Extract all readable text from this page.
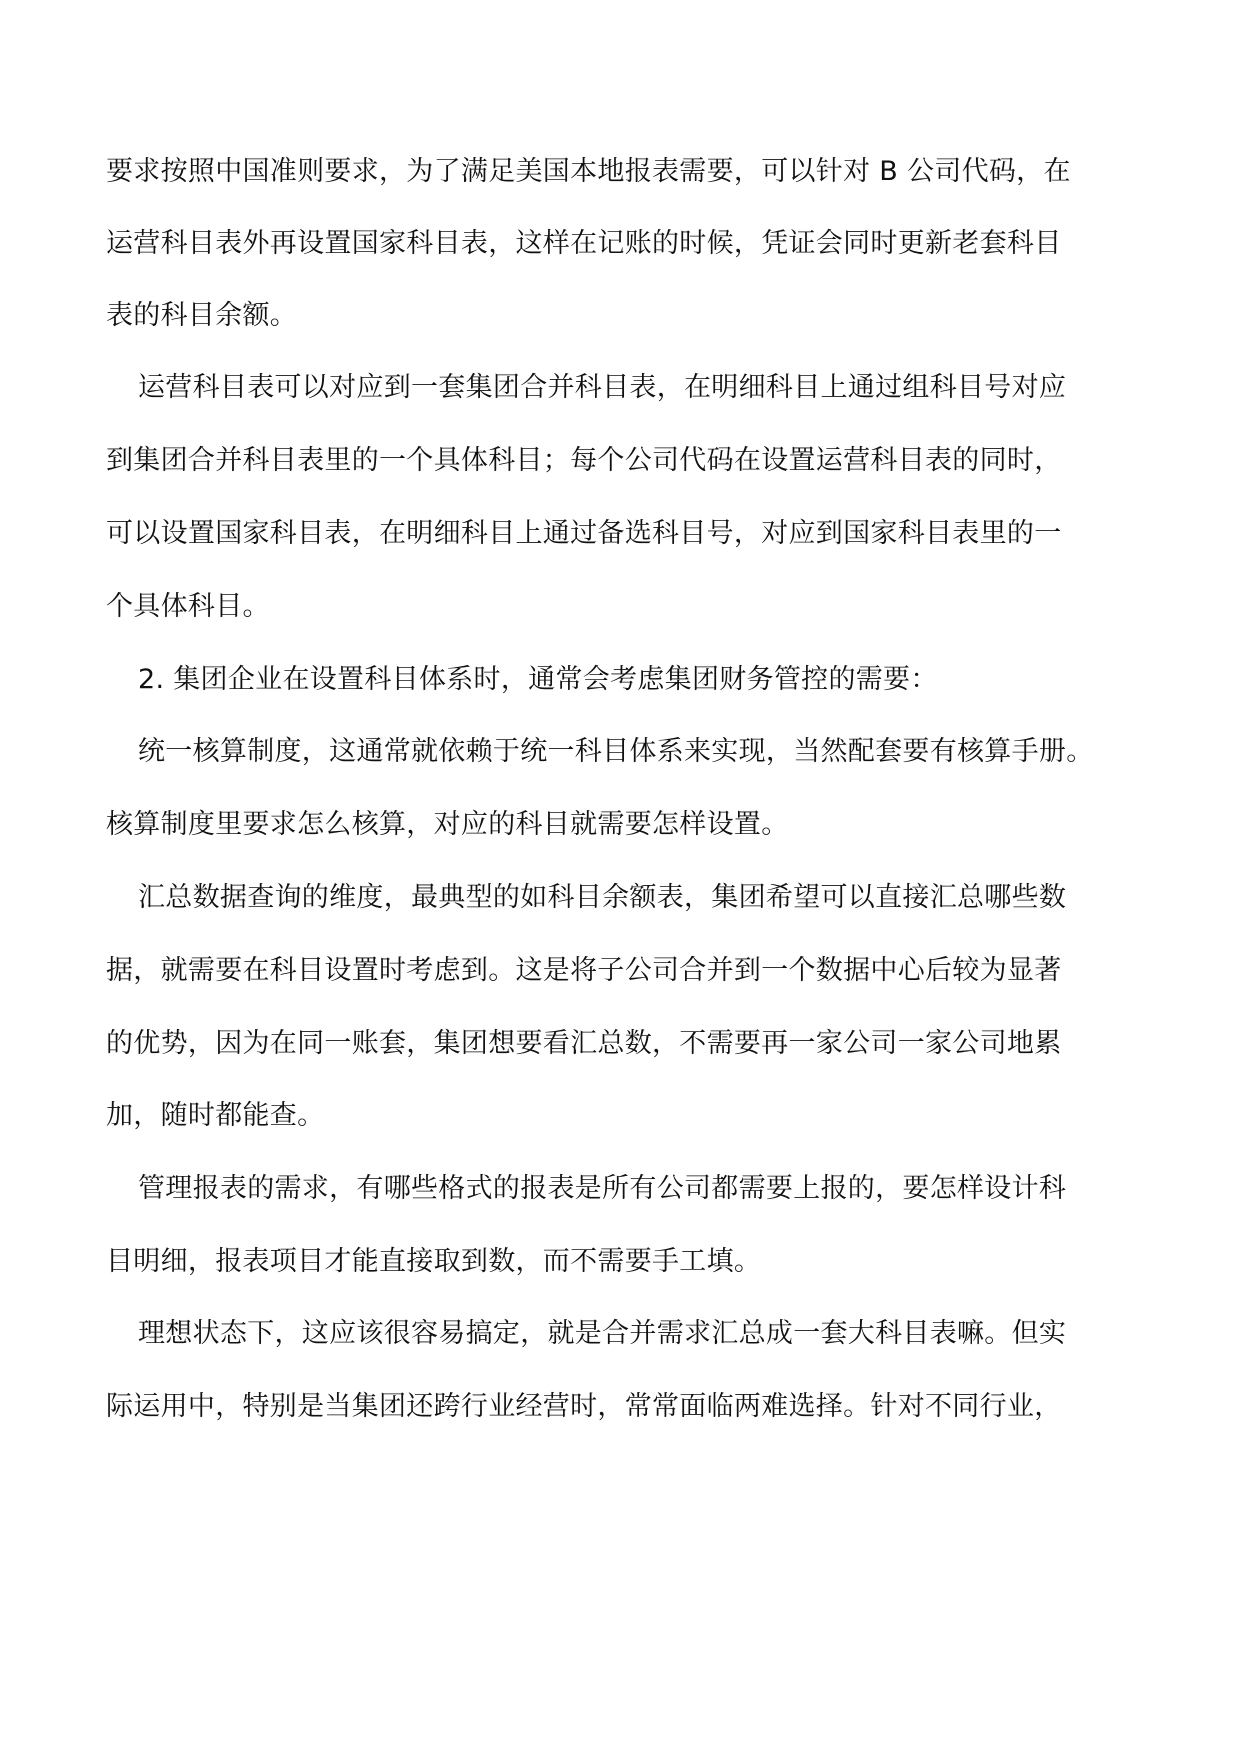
要求按照中国准则要求，为了满足美国本地报表需要，可以针对 B 公司代码，在
运营科目表外再设置国家科目表，这样在记账的时候，凭证会同时更新老套科目
表的科目余额。
运营科目表可以对应到一套集团合并科目表，在明细科目上通过组科目号对应
到集团合并科目表里的一个具体科目；每个公司代码在设置运营科目表的同时，
可以设置国家科目表，在明细科目上通过备选科目号，对应到国家科目表里的一
个具体科目。
2. 集团企业在设置科目体系时，通常会考虑集团财务管控的需要：
统一核算制度，这通常就依赖于统一科目体系来实现，当然配套要有核算手册。
核算制度里要求怎么核算，对应的科目就需要怎样设置。
汇总数据查询的维度，最典型的如科目余额表，集团希望可以直接汇总哪些数
据，就需要在科目设置时考虑到。这是将子公司合并到一个数据中心后较为显著
的优势，因为在同一账套，集团想要看汇总数，不需要再一家公司一家公司地累
加，随时都能查。
管理报表的需求，有哪些格式的报表是所有公司都需要上报的，要怎样设计科
目明细，报表项目才能直接取到数，而不需要手工填。
理想状态下，这应该很容易搞定，就是合并需求汇总成一套大科目表嘛。但实
际运用中，特别是当集团还跨行业经营时，常常面临两难选择。针对不同行业，
